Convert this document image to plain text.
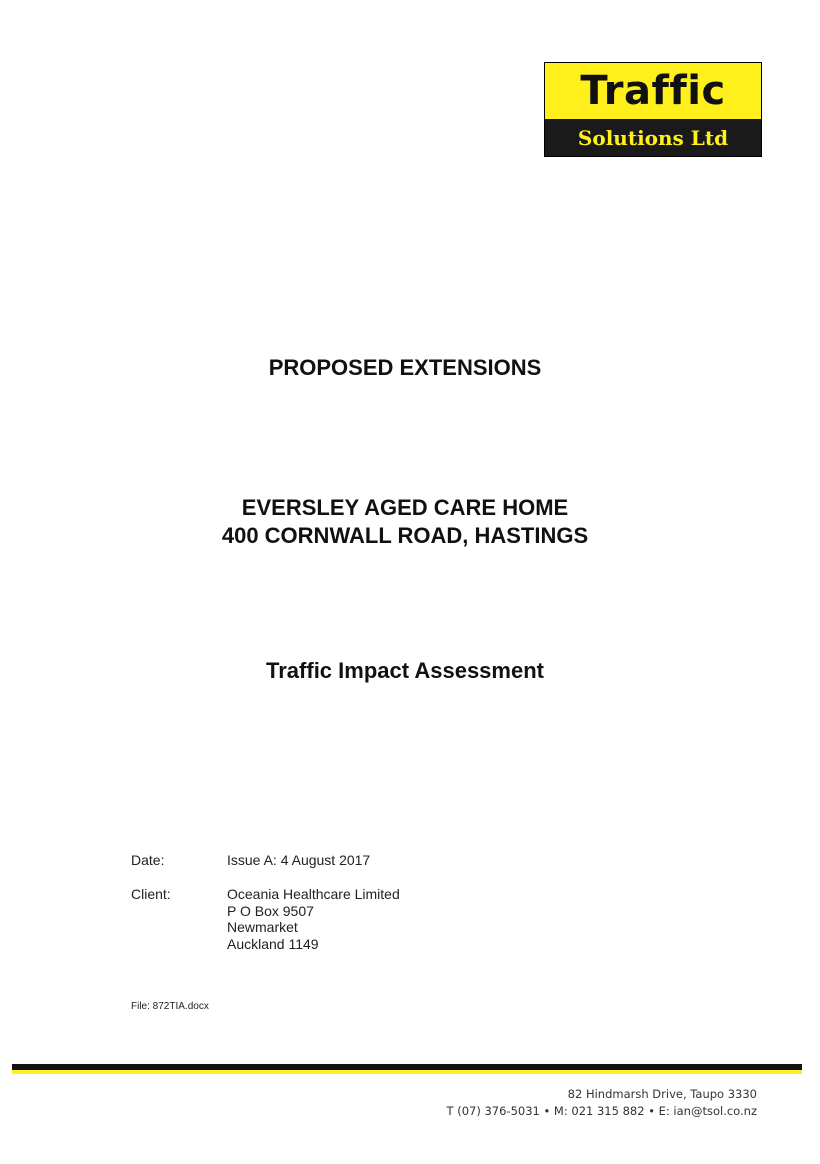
Traffic
Solutions Ltd
PROPOSED EXTENSIONS
EVERSLEY AGED CARE HOME
400 CORNWALL ROAD, HASTINGS
Traffic Impact Assessment
Date:	Issue A: 4 August 2017
Client:	Oceania Healthcare Limited
P O Box 9507
Newmarket
Auckland 1149
File: 872TIA.docx
82 Hindmarsh Drive, Taupo 3330
T (07) 376-5031 • M: 021 315 882 • E: ian@tsol.co.nz
